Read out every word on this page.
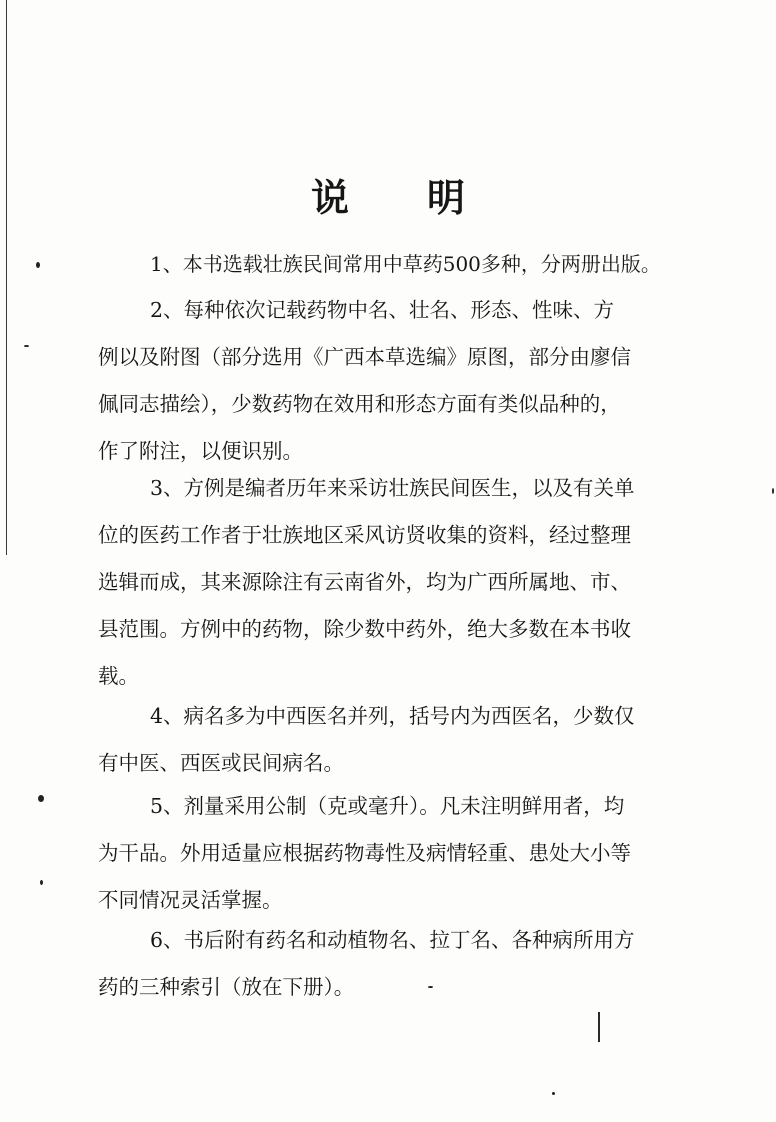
说 明
1、本书选载壮族民间常用中草药500多种，分两册出版。
2、每种依次记载药物中名、壮名、形态、性味、方
例以及附图（部分选用《广西本草选编》原图，部分由廖信
佩同志描绘），少数药物在效用和形态方面有类似品种的，
作了附注，以便识别。
3、方例是编者历年来采访壮族民间医生，以及有关单
位的医药工作者于壮族地区采风访贤收集的资料，经过整理
选辑而成，其来源除注有云南省外，均为广西所属地、市、
县范围。方例中的药物，除少数中药外，绝大多数在本书收
载。
4、病名多为中西医名并列，括号内为西医名，少数仅
有中医、西医或民间病名。
5、剂量采用公制（克或毫升）。凡未注明鲜用者，均
为干品。外用适量应根据药物毒性及病情轻重、患处大小等
不同情况灵活掌握。
6、书后附有药名和动植物名、拉丁名、各种病所用方
药的三种索引（放在下册）。
